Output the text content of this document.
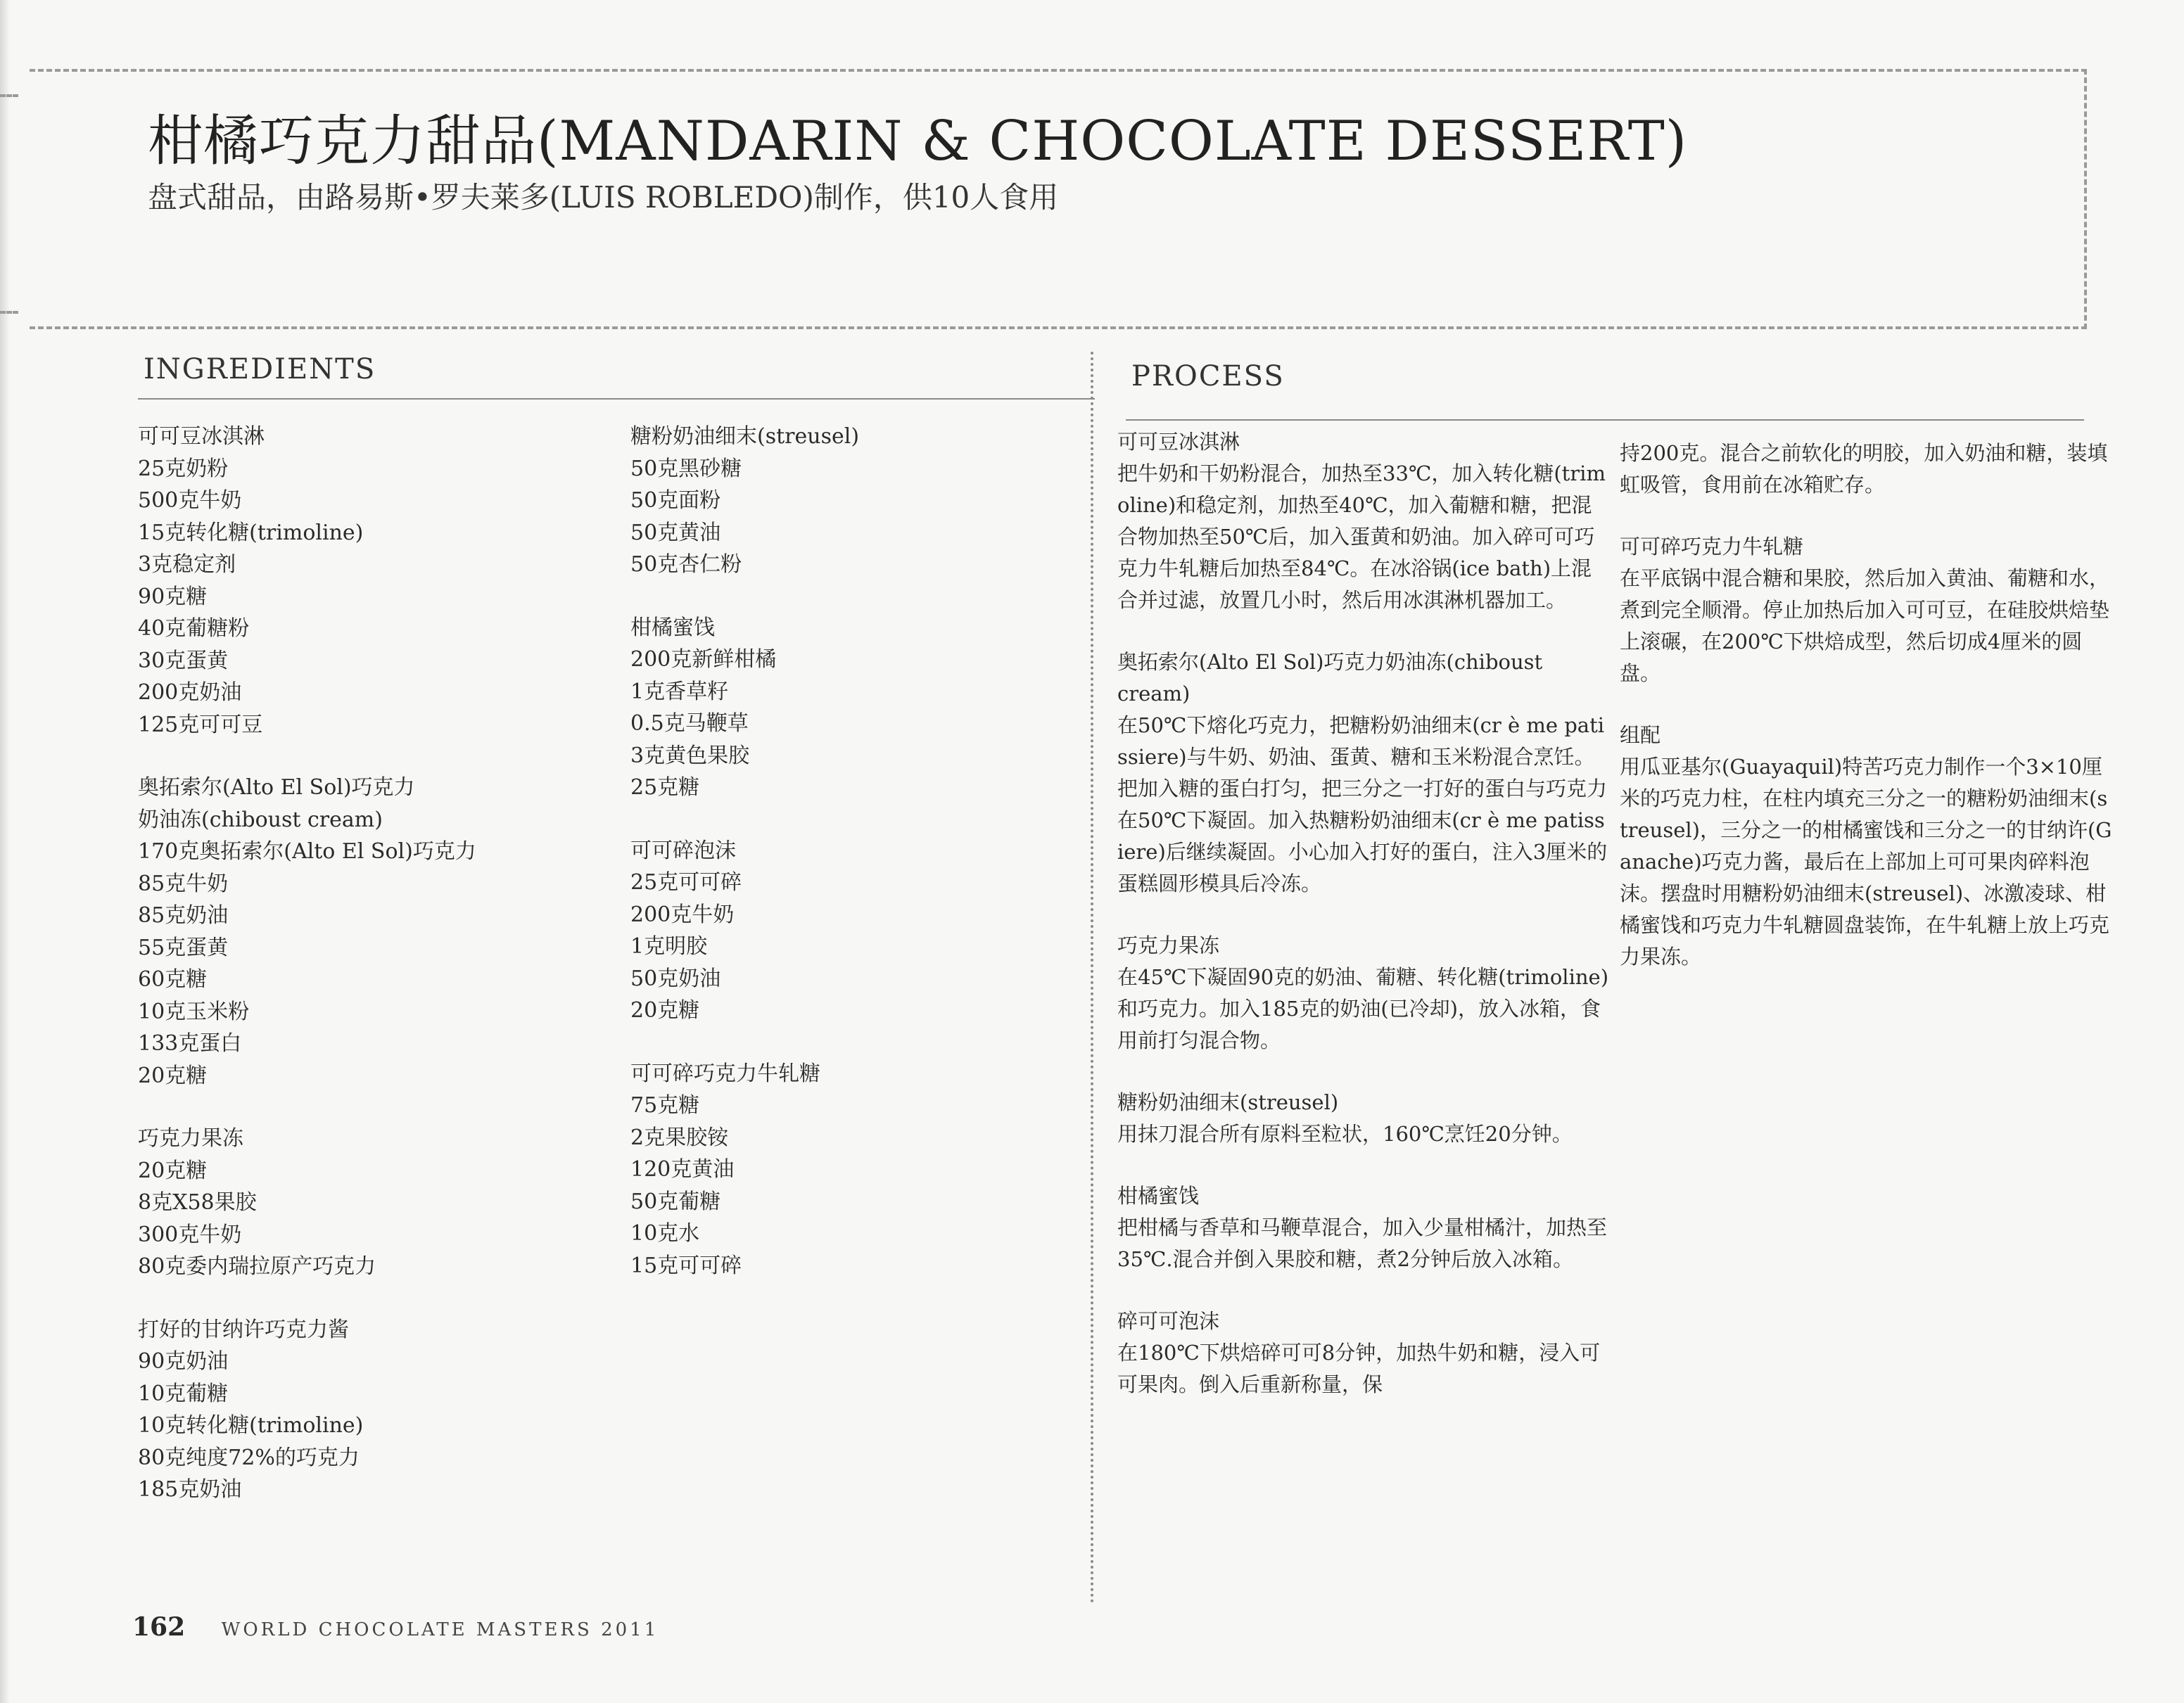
柑橘巧克力甜品(MANDARIN & CHOCOLATE DESSERT)

盘式甜品，由路易斯•罗夫莱多(LUIS ROBLEDO)制作，供10人食用

INGREDIENTS	PROCESS
可可豆冰淇淋
25克奶粉
500克牛奶
15克转化糖(trimoline)
3克稳定剂
90克糖
40克葡糖粉
30克蛋黄
200克奶油
125克可可豆
奥拓索尔(Alto El Sol)巧克力
奶油冻(chiboust cream)
170克奥拓索尔(Alto El Sol)巧克力
85克牛奶
85克奶油
55克蛋黄
60克糖
10克玉米粉
133克蛋白
20克糖
巧克力果冻
20克糖
8克X58果胶
300克牛奶
80克委内瑞拉原产巧克力
打好的甘纳许巧克力酱
90克奶油
10克葡糖
10克转化糖(trimoline)
80克纯度72%的巧克力
185克奶油
糖粉奶油细末(streusel)
50克黑砂糖
50克面粉
50克黄油
50克杏仁粉
柑橘蜜饯
200克新鲜柑橘
1克香草籽
0.5克马鞭草
3克黄色果胶
25克糖
可可碎泡沫
25克可可碎
200克牛奶
1克明胶
50克奶油
20克糖
可可碎巧克力牛轧糖
75克糖
2克果胶铵
120克黄油
50克葡糖
10克水
15克可可碎
可可豆冰淇淋
把牛奶和干奶粉混合，加热至33℃，加入转化糖(trimoline)和稳定剂，加热至40℃，加入葡糖和糖，把混合物加热至50℃后，加入蛋黄和奶油。加入碎可可巧克力牛轧糖后加热至84℃。在冰浴锅(ice bath)上混合并过滤，放置几小时，然后用冰淇淋机器加工。
奥拓索尔(Alto El Sol)巧克力奶油冻(chiboust cream)
在50℃下熔化巧克力，把糖粉奶油细末(cr è me patissiere)与牛奶、奶油、蛋黄、糖和玉米粉混合烹饪。把加入糖的蛋白打匀，把三分之一打好的蛋白与巧克力在50℃下凝固。加入热糖粉奶油细末(cr è me patissiere)后继续凝固。小心加入打好的蛋白，注入3厘米的蛋糕圆形模具后冷冻。
巧克力果冻
在45℃下凝固90克的奶油、葡糖、转化糖(trimoline)和巧克力。加入185克的奶油(已冷却)，放入冰箱，食用前打匀混合物。
糖粉奶油细末(streusel)
用抹刀混合所有原料至粒状，160℃烹饪20分钟。
柑橘蜜饯
把柑橘与香草和马鞭草混合，加入少量柑橘汁，加热至35℃.混合并倒入果胶和糖，煮2分钟后放入冰箱。
碎可可泡沫
在180℃下烘焙碎可可8分钟，加热牛奶和糖，浸入可可果肉。倒入后重新称量，保
持200克。混合之前软化的明胶，加入奶油和糖，装填虹吸管，食用前在冰箱贮存。
可可碎巧克力牛轧糖
在平底锅中混合糖和果胶，然后加入黄油、葡糖和水，煮到完全顺滑。停止加热后加入可可豆，在硅胶烘焙垫上滚碾，在200℃下烘焙成型，然后切成4厘米的圆盘。
组配
用瓜亚基尔(Guayaquil)特苦巧克力制作一个3×10厘米的巧克力柱，在柱内填充三分之一的糖粉奶油细末(streusel)，三分之一的柑橘蜜饯和三分之一的甘纳许(Ganache)巧克力酱，最后在上部加上可可果肉碎料泡沫。摆盘时用糖粉奶油细末(streusel)、冰激凌球、柑橘蜜饯和巧克力牛轧糖圆盘装饰，在牛轧糖上放上巧克力果冻。
162 WORLD CHOCOLATE MASTERS 2011
